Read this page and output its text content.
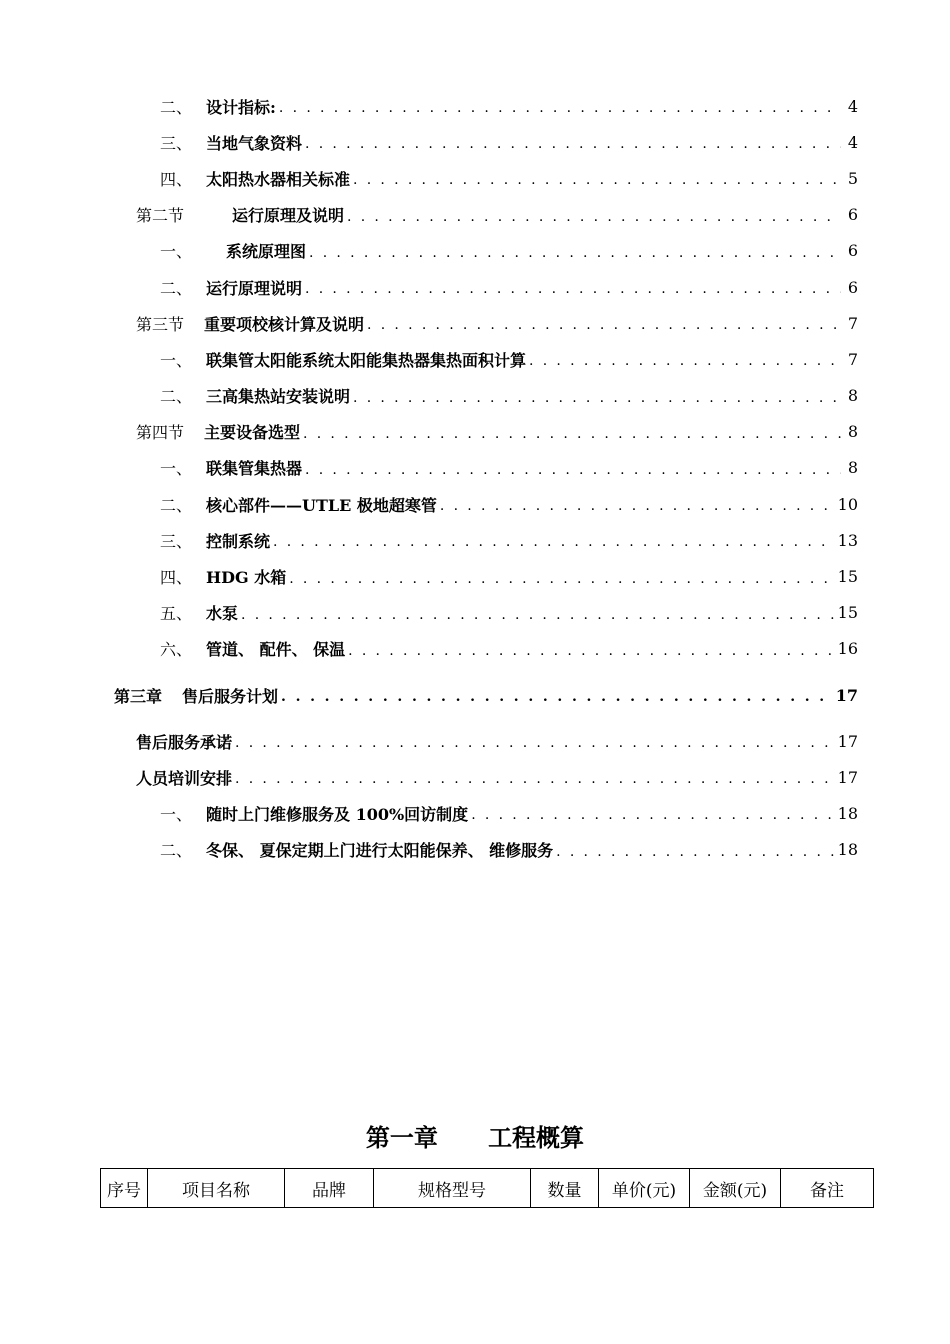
二、 设计指标: . . .	4
三、 当地气象资料 . . .	4
四、 太阳热水器相关标准 . . .	5
第二节	运行原理及说明 . . .	6
一、	系统原理图 . . .	6
二、 运行原理说明 . . .	6
第三节	重要项校核计算及说明 . . .	7
一、 联集管太阳能系统太阳能集热器集热面积计算 . . .	7
二、 三高集热站安装说明 . . .	8
第四节	主要设备选型 . . .	8
一、 联集管集热器 . . .	8
二、 核心部件——UTLE 极地超寒管 . . .	10
三、 控制系统 . . .	13
四、 HDG 水箱 . . .	15
五、 水泵 . . .	15
六、 管道、 配件、 保温 . . .	16
第三章	售后服务计划 . . .	17
售后服务承诺 . . .	17
人员培训安排 . . .	17
一、 随时上门维修服务及 100%回访制度 . . .	18
二、 冬保、 夏保定期上门进行太阳能保养、 维修服务 . . .	18
第一章 工程概算
序号	项目名称	品牌	规格型号	数量	单价(元)	金额(元)	备注
